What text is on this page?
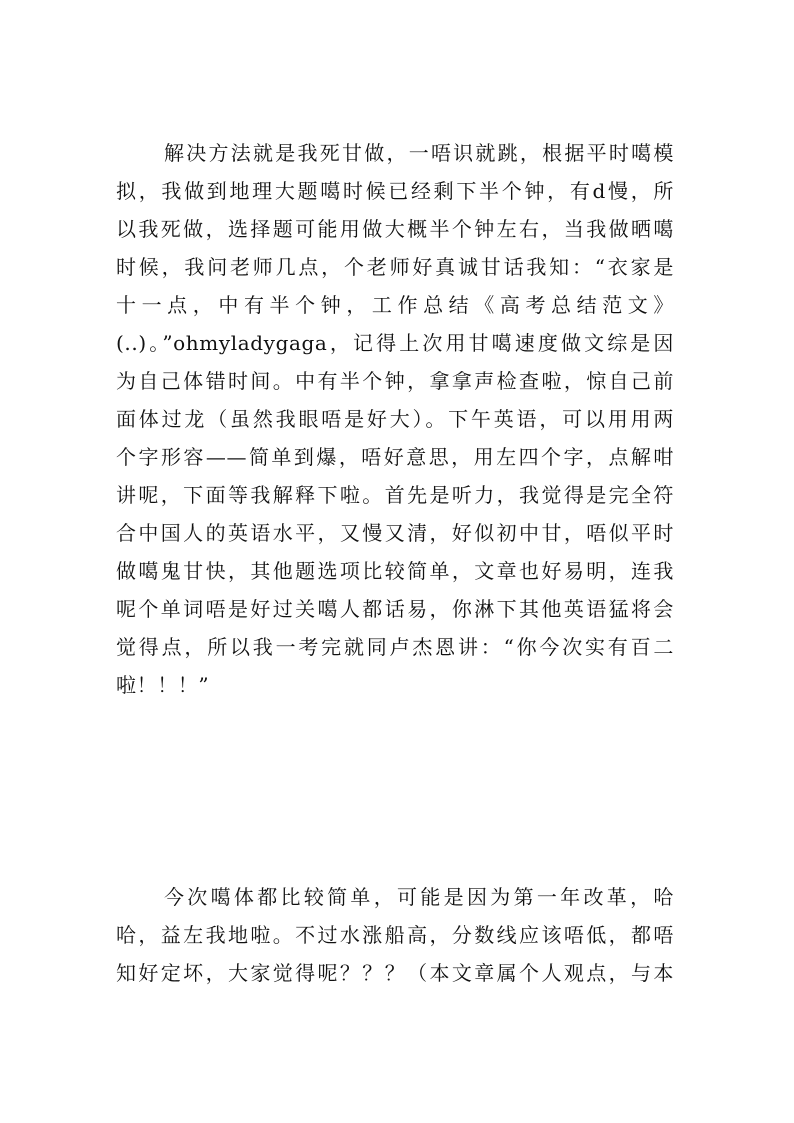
解决方法就是我死甘做，一唔识就跳，根据平时噶模
拟，我做到地理大题噶时候已经剩下半个钟，有d慢，所
以我死做，选择题可能用做大概半个钟左右，当我做晒噶
时候，我问老师几点，个老师好真诚甘话我知：“衣家是
十一点，中有半个钟，工作总结《高考总结范文》
(..)。”ohmyladygaga，记得上次用甘噶速度做文综是因
为自己体错时间。中有半个钟，拿拿声检查啦，惊自己前
面体过龙（虽然我眼唔是好大）。下午英语，可以用用两
个字形容——简单到爆，唔好意思，用左四个字，点解咁
讲呢，下面等我解释下啦。首先是听力，我觉得是完全符
合中国人的英语水平，又慢又清，好似初中甘，唔似平时
做噶鬼甘快，其他题选项比较简单，文章也好易明，连我
呢个单词唔是好过关噶人都话易，你淋下其他英语猛将会
觉得点，所以我一考完就同卢杰恩讲：“你今次实有百二
啦！！！”
今次噶体都比较简单，可能是因为第一年改革，哈
哈，益左我地啦。不过水涨船高，分数线应该唔低，都唔
知好定坏，大家觉得呢？？？（本文章属个人观点，与本
